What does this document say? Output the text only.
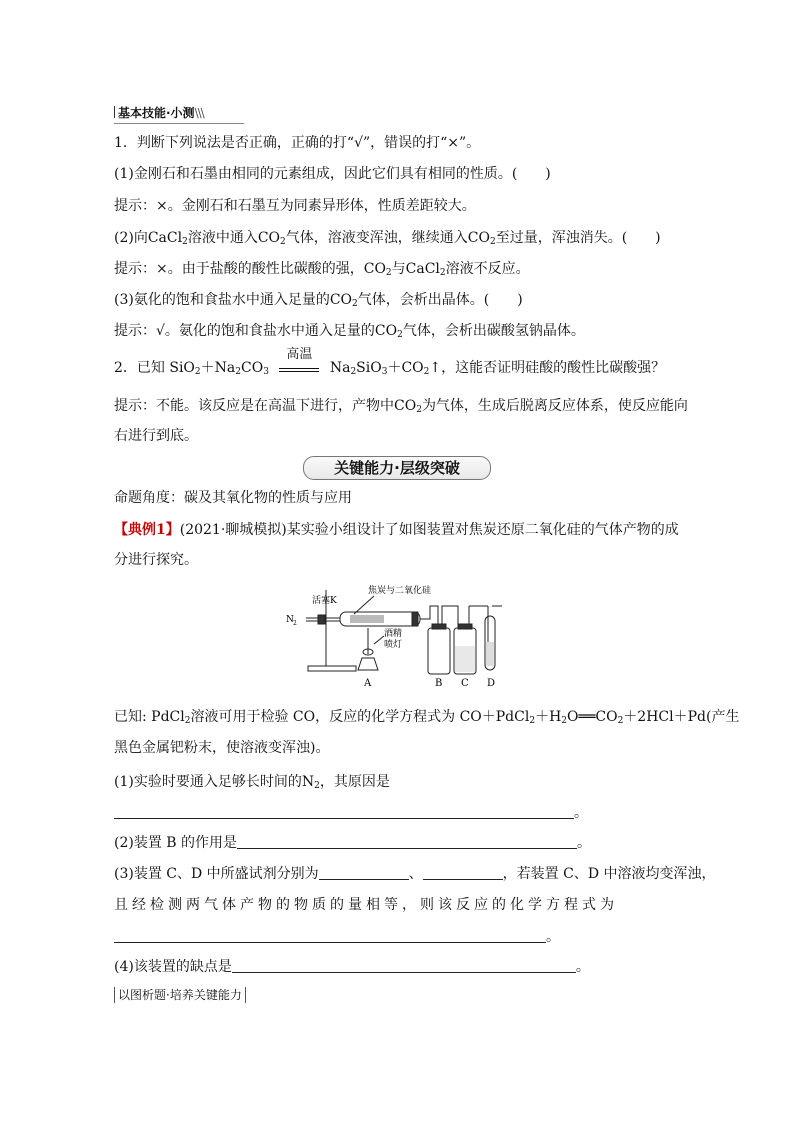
基本技能·小测\\\
1．判断下列说法是否正确，正确的打“√”，错误的打“×”。
(1)金刚石和石墨由相同的元素组成，因此它们具有相同的性质。(　　)
提示：×。金刚石和石墨互为同素异形体，性质差距较大。
(2)向CaCl$_2$溶液中通入$CO_2$气体，溶液变浑浊，继续通入$CO_2$至过量，浑浊消失。(　　)
提示：×。由于盐酸的酸性比碳酸的强，$CO_2$与CaCl$_2$溶液不反应。
(3)氨化的饱和食盐水中通入足量的$CO_2$气体，会析出晶体。(　　)
提示：√。氨化的饱和食盐水中通入足量的$CO_2$气体，会析出碳酸氢钠晶体。
2．已知 $SiO_2+Na_2CO_3$
高温
$Na_2SiO_3+CO_2↑$，这能否证明硅酸的酸性比碳酸强？
提示：不能。该反应是在高温下进行，产物中$CO_2$为气体，生成后脱离反应体系，使反应能向
右进行到底。
关键能力·层级突破
命题角度：碳及其氧化物的性质与应用
【典例1】(2021·聊城模拟)某实验小组设计了如图装置对焦炭还原二氧化硅的气体产物的成
分进行探究。
活塞K
焦炭与二氧化硅
N 2
酒精
喷灯
A	B C D
已知: PdCl$_2$溶液可用于检验 CO，反应的化学方程式为 $CO+PdCl_2+H_2O══CO_2+2HCl+Pd$(产生
黑色金属钯粉末，使溶液变浑浊)。
(1)实验时要通入足够长时间的$N_2$，其原因是
。
(2)装置 B 的作用是	。
(3)装置 C、D 中所盛试剂分别为	、	，若装置 C、D 中溶液均变浑浊，
且经检测两气体产物的物质的量相等，则该反应的化学方程式为
。
(4)该装置的缺点是	。
以图析题·培养关键能力
